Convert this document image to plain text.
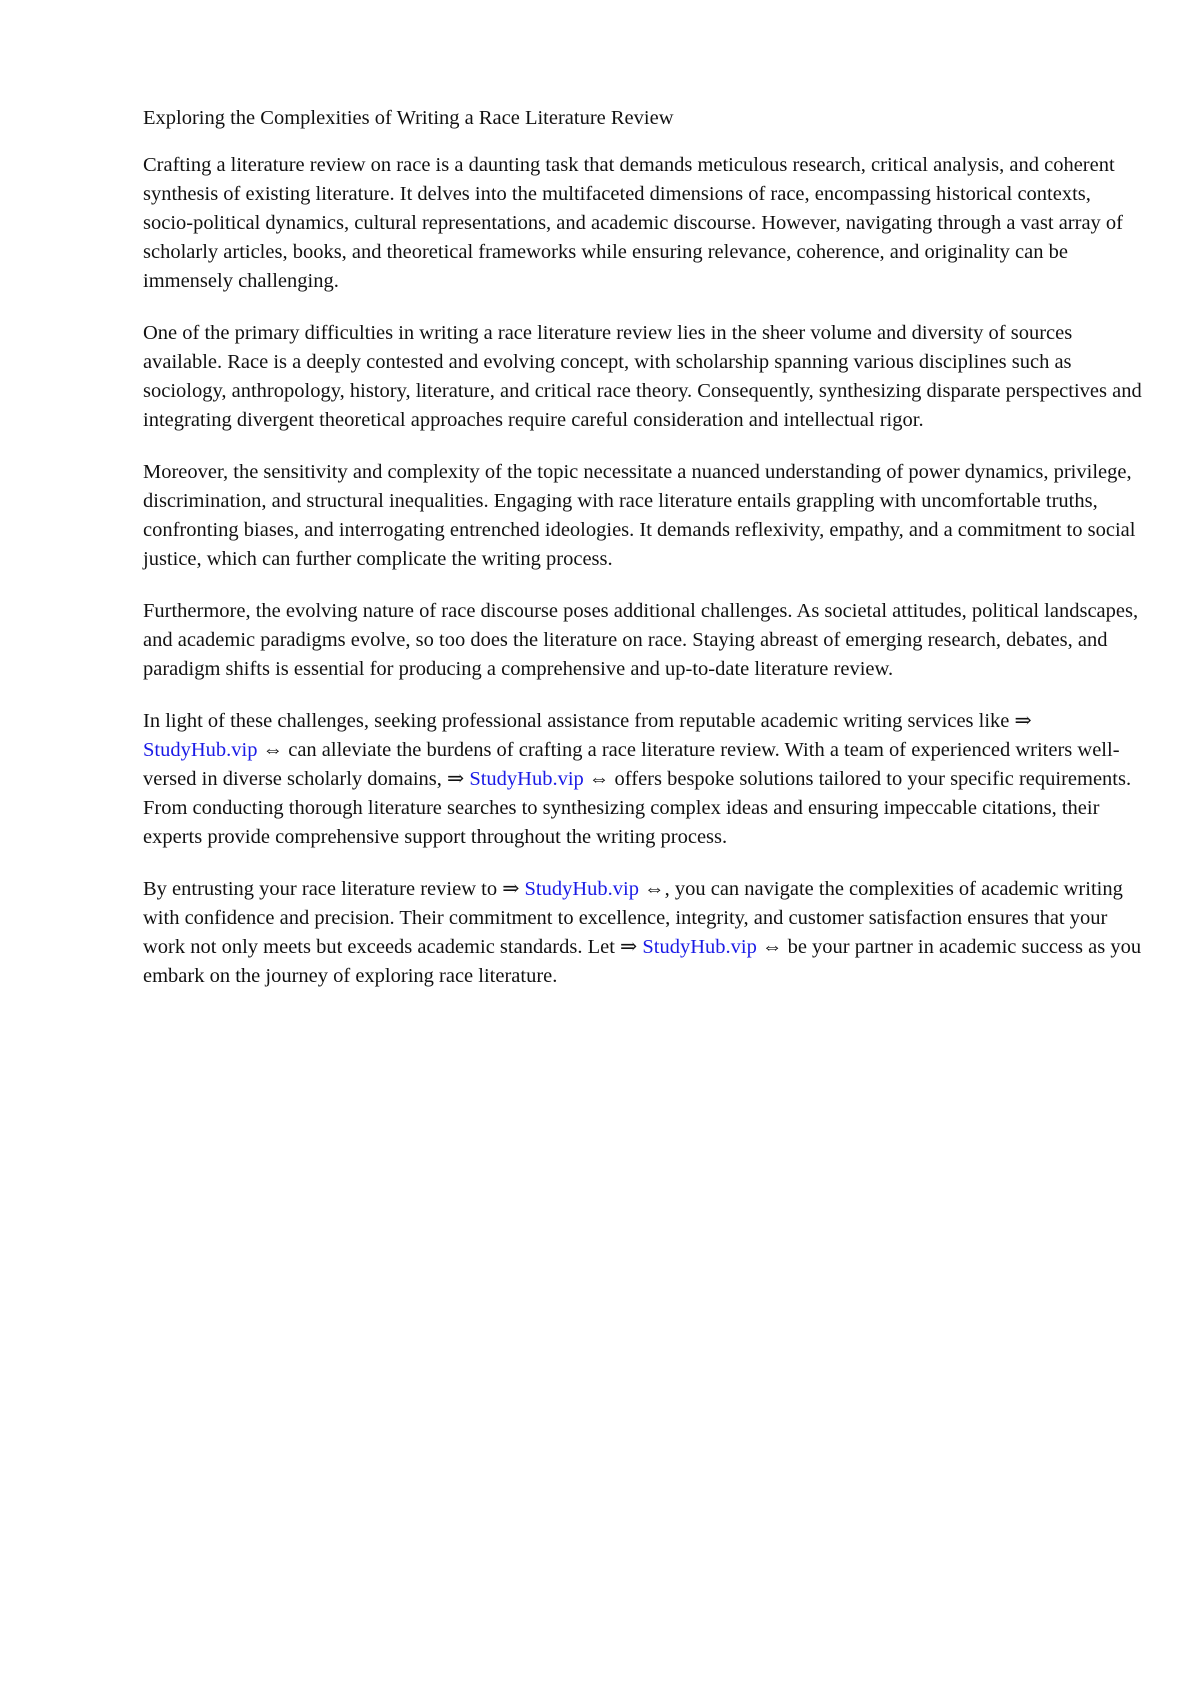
Exploring the Complexities of Writing a Race Literature Review

Crafting a literature review on race is a daunting task that demands meticulous research, critical analysis, and coherent synthesis of existing literature. It delves into the multifaceted dimensions of race, encompassing historical contexts, socio-political dynamics, cultural representations, and academic discourse. However, navigating through a vast array of scholarly articles, books, and theoretical frameworks while ensuring relevance, coherence, and originality can be immensely challenging.

One of the primary difficulties in writing a race literature review lies in the sheer volume and diversity of sources available. Race is a deeply contested and evolving concept, with scholarship spanning various disciplines such as sociology, anthropology, history, literature, and critical race theory. Consequently, synthesizing disparate perspectives and integrating divergent theoretical approaches require careful consideration and intellectual rigor.

Moreover, the sensitivity and complexity of the topic necessitate a nuanced understanding of power dynamics, privilege, discrimination, and structural inequalities. Engaging with race literature entails grappling with uncomfortable truths, confronting biases, and interrogating entrenched ideologies. It demands reflexivity, empathy, and a commitment to social justice, which can further complicate the writing process.

Furthermore, the evolving nature of race discourse poses additional challenges. As societal attitudes, political landscapes, and academic paradigms evolve, so too does the literature on race. Staying abreast of emerging research, debates, and paradigm shifts is essential for producing a comprehensive and up-to-date literature review.

In light of these challenges, seeking professional assistance from reputable academic writing services like ⇒ StudyHub.vip ⇔ can alleviate the burdens of crafting a race literature review. With a team of experienced writers well-versed in diverse scholarly domains, ⇒ StudyHub.vip ⇔ offers bespoke solutions tailored to your specific requirements. From conducting thorough literature searches to synthesizing complex ideas and ensuring impeccable citations, their experts provide comprehensive support throughout the writing process.

By entrusting your race literature review to ⇒ StudyHub.vip ⇔, you can navigate the complexities of academic writing with confidence and precision. Their commitment to excellence, integrity, and customer satisfaction ensures that your work not only meets but exceeds academic standards. Let ⇒ StudyHub.vip ⇔ be your partner in academic success as you embark on the journey of exploring race literature.
